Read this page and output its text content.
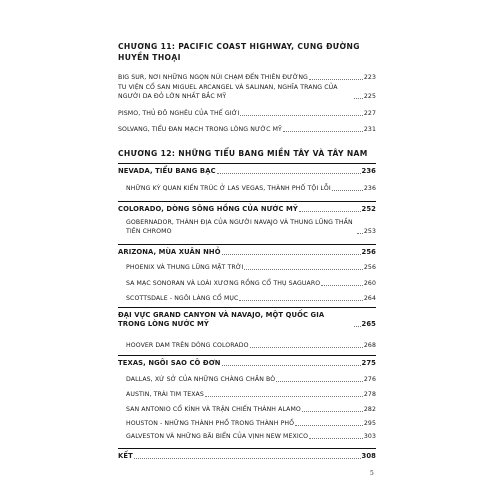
CHƯƠNG 11: PACIFIC COAST HIGHWAY, CUNG ĐƯỜNG HUYỀN THOẠI
BIG SUR, NƠI NHỮNG NGỌN NÚI CHẠM ĐẾN THIÊN ĐƯỜNG	223
TU VIỆN CỔ SAN MIGUEL ARCANGEL VÀ SALINAN, NGHĨA TRANG CỦA NGƯỜI DA ĐỎ LỚN NHẤT BẮC MỸ	225
PISMO, THỦ ĐÔ NGHÊU CỦA THẾ GIỚI	227
SOLVANG, TIỂU ĐAN MẠCH TRONG LÒNG NƯỚC MỸ	231
CHƯƠNG 12: NHỮNG TIỂU BANG MIỀN TÂY VÀ TÂY NAM
NEVADA, TIỂU BANG BẠC	236
NHỮNG KỲ QUAN KIẾN TRÚC Ở LAS VEGAS, THÀNH PHỐ TỘI LỖI	236
COLORADO, DÒNG SÔNG HỒNG CỦA NƯỚC MỸ	252
GOBERNADOR, THÁNH ĐỊA CỦA NGƯỜI NAVAJO VÀ THUNG LŨNG THẦN TIÊN CHROMO	253
ARIZONA, MÙA XUÂN NHỎ	256
PHOENIX VÀ THUNG LŨNG MẶT TRỜI	256
SA MẠC SONORAN VÀ LOÀI XƯƠNG RỒNG CỔ THỤ SAGUARO	260
SCOTTSDALE - NGÔI LÀNG CỔ MỤC	264
ĐẠI VỰC GRAND CANYON VÀ NAVAJO, MỘT QUỐC GIA TRONG LÒNG NƯỚC MỸ	265
HOOVER DAM TRÊN DÒNG COLORADO	268
TEXAS, NGÔI SAO CÔ ĐƠN	275
DALLAS, XỨ SỞ CỦA NHỮNG CHÀNG CHĂN BÒ	276
AUSTIN, TRÁI TIM TEXAS	278
SAN ANTONIO CỔ KÍNH VÀ TRẬN CHIẾN THÀNH ALAMO	282
HOUSTON - NHỮNG THÀNH PHỐ TRONG THÀNH PHỐ	295
GALVESTON VÀ NHỮNG BÃI BIỂN CỦA VỊNH NEW MEXICO	303
KẾT	308
5
